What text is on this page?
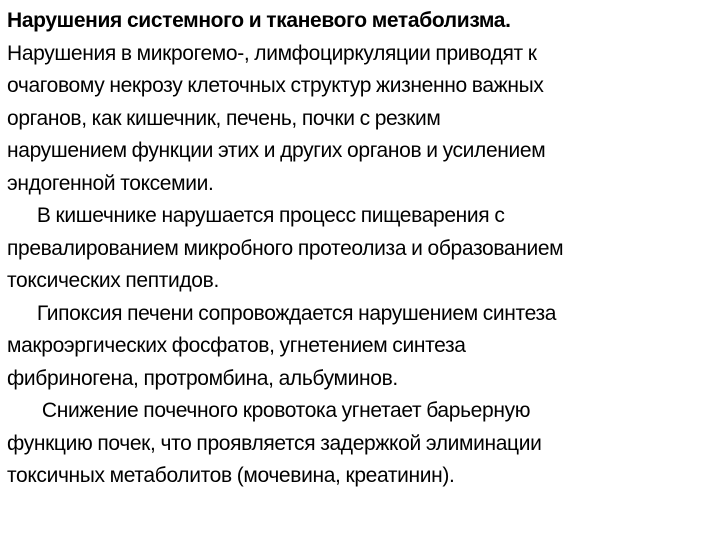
Нарушения системного и тканевого метаболизма.
Нарушения в микрогемо-, лимфоциркуляции приводят к
очаговому некрозу клеточных структур жизненно важных
органов, как кишечник, печень, почки с резким
нарушением функции этих и других органов и усилением
эндогенной токсемии.
В кишечнике нарушается процесс пищеварения с
превалированием микробного протеолиза и образованием
токсических пептидов.
Гипоксия печени сопровождается нарушением синтеза
макроэргических фосфатов, угнетением синтеза
фибриногена, протромбина, альбуминов.
Снижение почечного кровотока угнетает барьерную
функцию почек, что проявляется задержкой элиминации
токсичных метаболитов (мочевина, креатинин).
